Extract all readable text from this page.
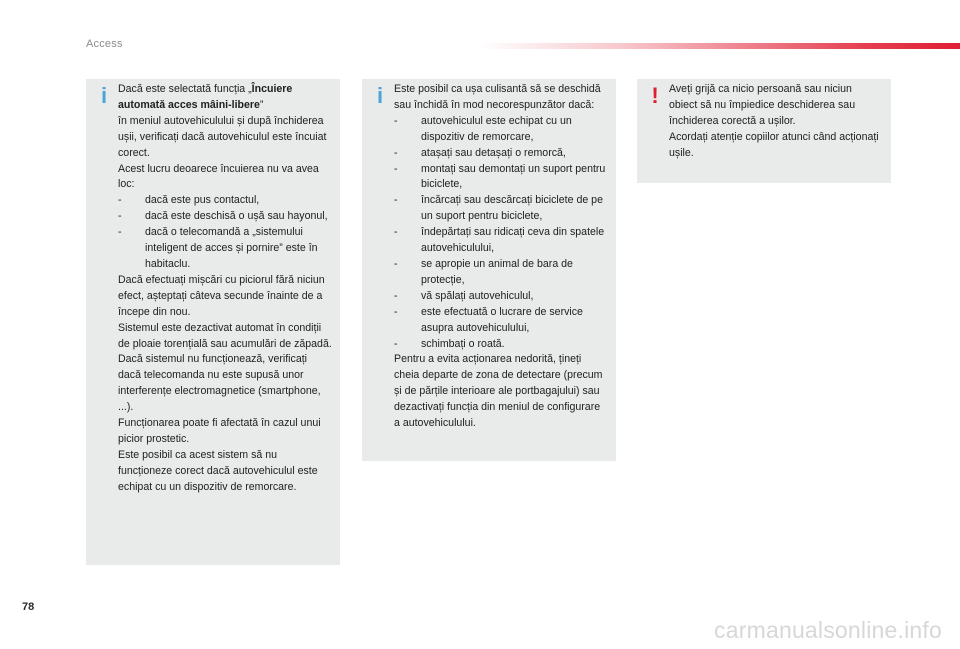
Access
i	Dacă este selectată funcția „Încuiere automată acces mâini-libere”

în meniul autovehiculului și după închiderea ușii, verificați dacă autovehiculul este încuiat corect.

Acest lucru deoarece încuierea nu va avea loc:

- dacă este pus contactul,
- dacă este deschisă o ușă sau hayonul,
- dacă o telecomandă a „sistemului inteligent de acces și pornire” este în habitaclu.

Dacă efectuați mișcări cu piciorul fără niciun efect, așteptați câteva secunde înainte de a începe din nou.

Sistemul este dezactivat automat în condiții de ploaie torențială sau acumulări de zăpadă.

Dacă sistemul nu funcționează, verificați dacă telecomanda nu este supusă unor interferențe electromagnetice (smartphone, ...).

Funcționarea poate fi afectată în cazul unui picior prostetic.

Este posibil ca acest sistem să nu funcționeze corect dacă autovehiculul este echipat cu un dispozitiv de remorcare.

i	Este posibil ca ușa culisantă să se deschidă sau închidă în mod necorespunzător dacă:

- autovehiculul este echipat cu un dispozitiv de remorcare,
- atașați sau detașați o remorcă,
- montați sau demontați un suport pentru biciclete,
- încărcați sau descărcați biciclete de pe un suport pentru biciclete,
- îndepărtați sau ridicați ceva din spatele autovehiculului,
- se apropie un animal de bara de protecție,
- vă spălați autovehiculul,
- este efectuată o lucrare de service asupra autovehiculului,
- schimbați o roată.

Pentru a evita acționarea nedorită, țineți cheia departe de zona de detectare (precum și de părțile interioare ale portbagajului) sau dezactivați funcția din meniul de configurare a autovehiculului.

! Aveți grijă ca nicio persoană sau niciun obiect să nu împiedice deschiderea sau închiderea corectă a ușilor.

Acordați atenție copiilor atunci când acționați ușile.

78
carmanualsonline.info
